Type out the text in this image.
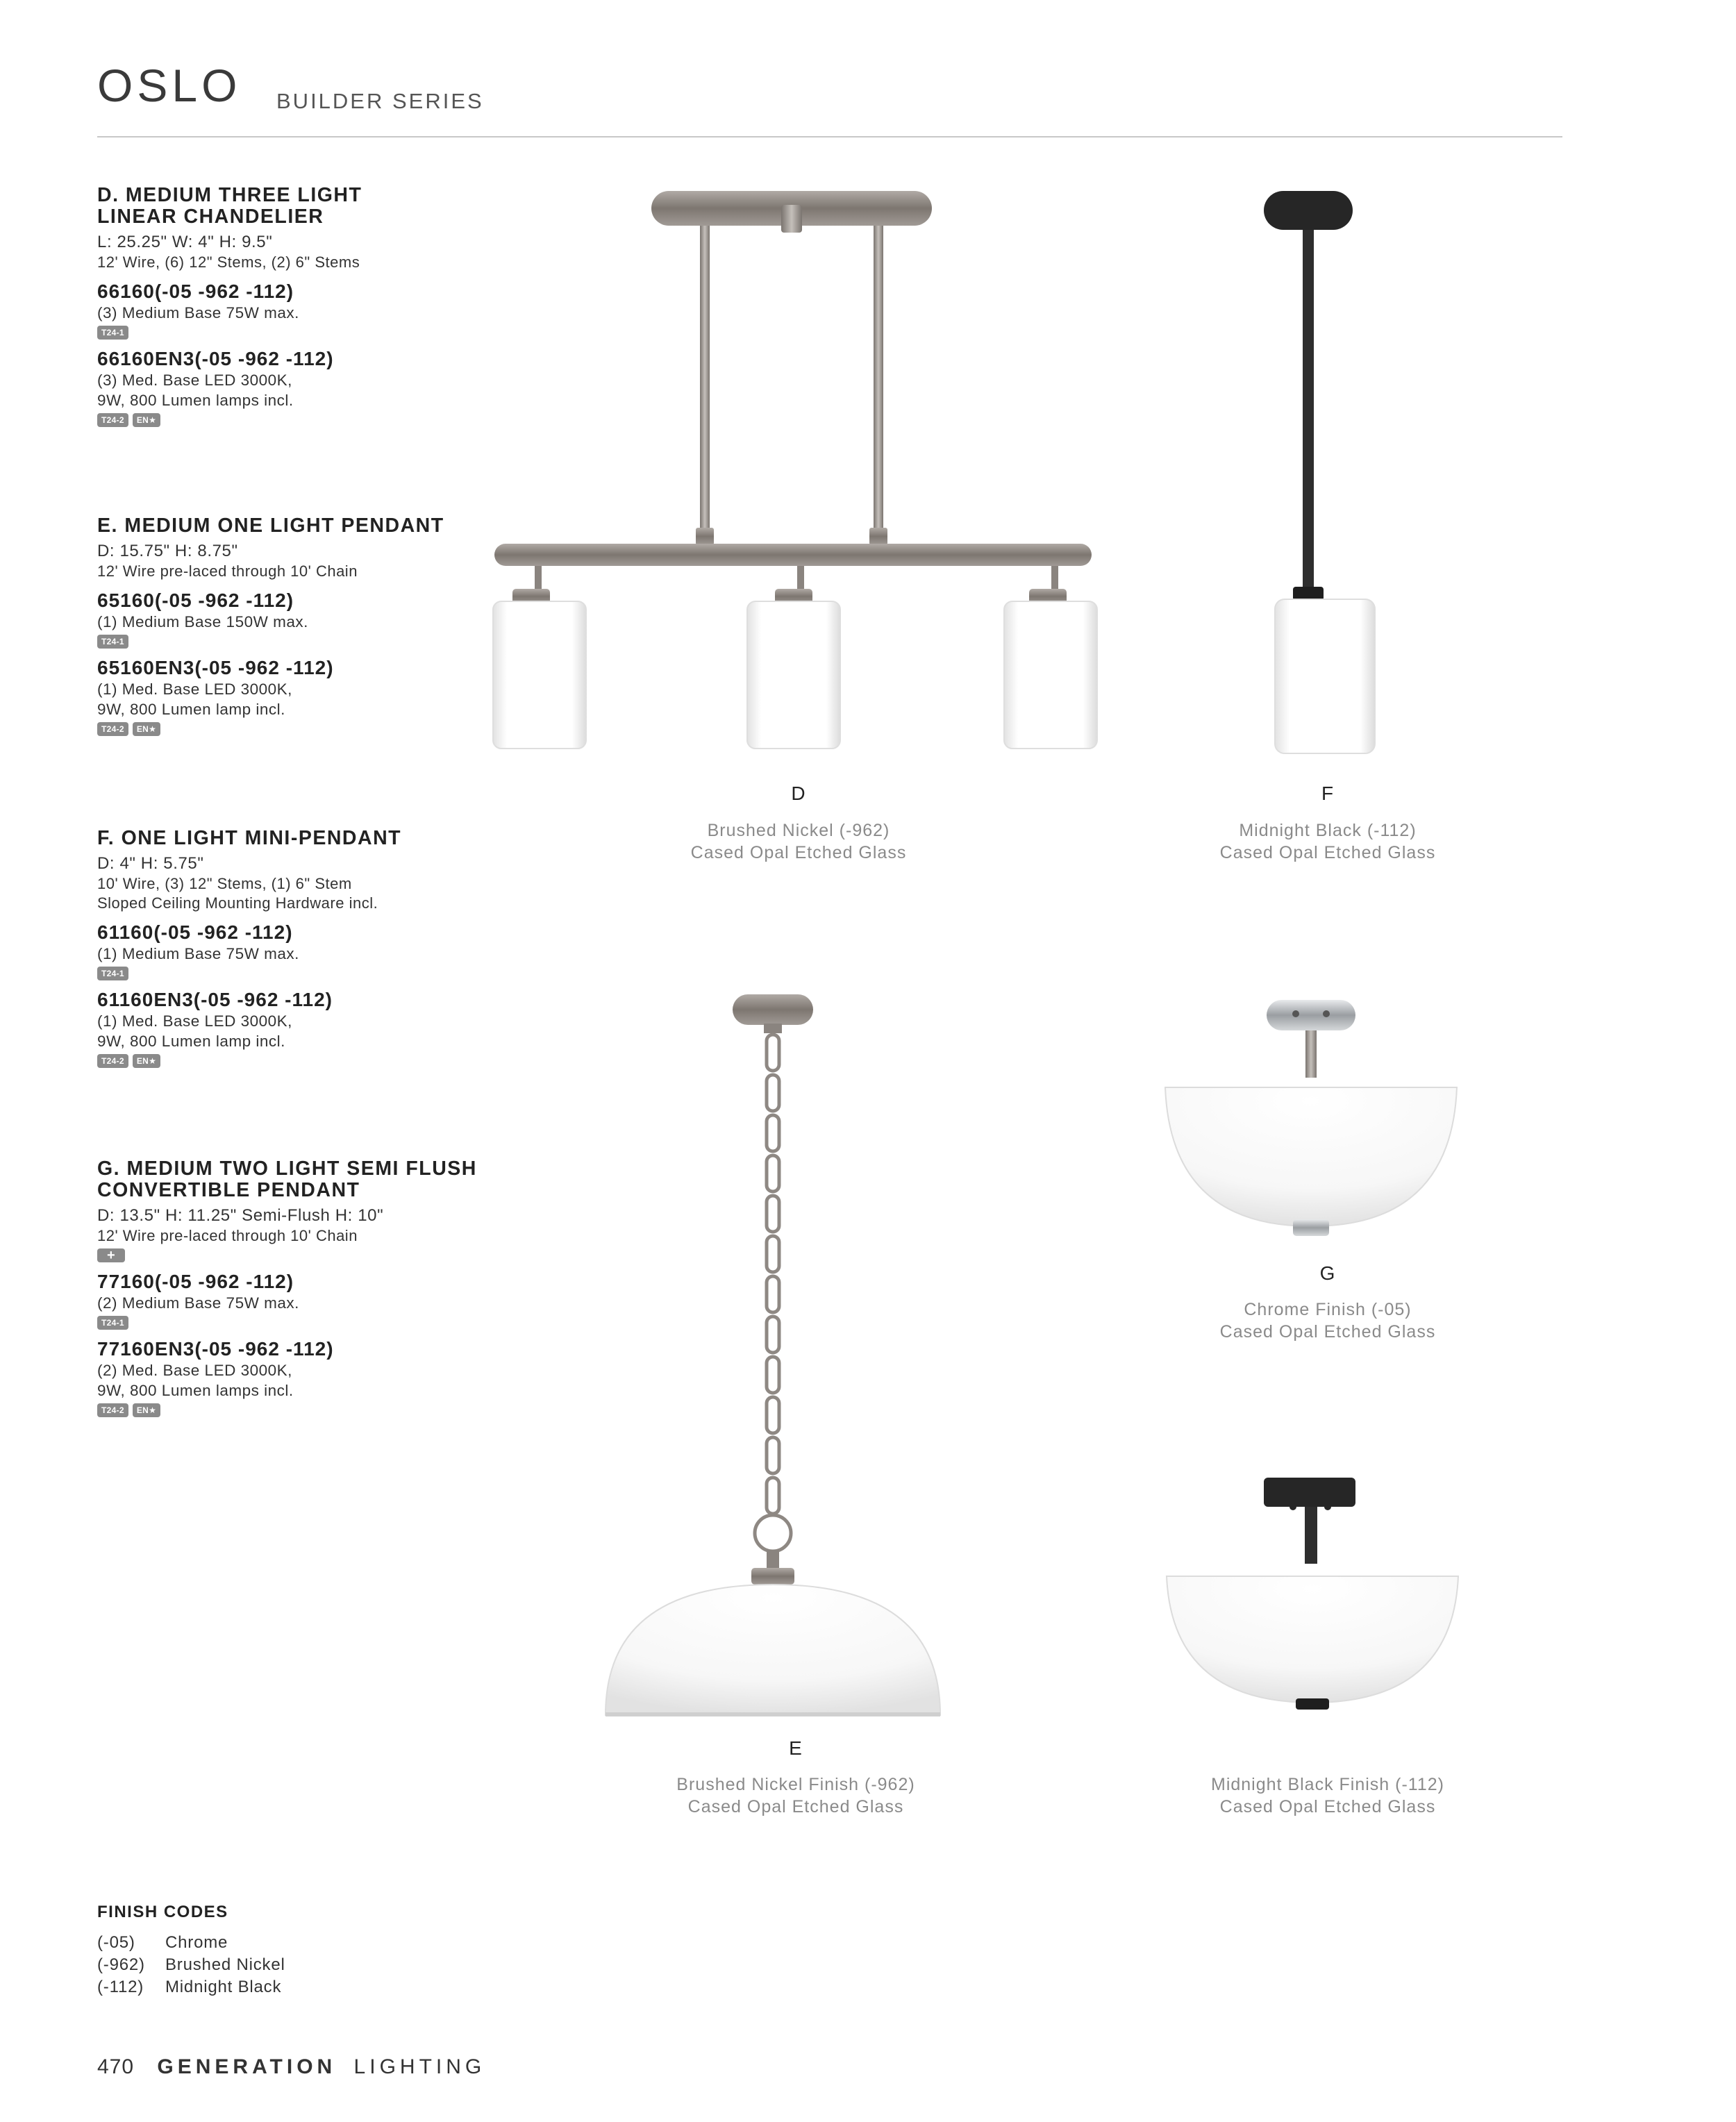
OSLO BUILDER SERIES
D. MEDIUM THREE LIGHT
LINEAR CHANDELIER
L: 25.25" W: 4" H: 9.5"
12' Wire, (6) 12" Stems, (2) 6" Stems
66160(-05 -962 -112)
(3) Medium Base 75W max.
T24-1
66160EN3(-05 -962 -112)
(3) Med. Base LED 3000K,
9W, 800 Lumen lamps incl.
T24-2	EN★
E. MEDIUM ONE LIGHT PENDANT
D: 15.75" H: 8.75"
12' Wire pre-laced through 10' Chain
65160(-05 -962 -112)
(1) Medium Base 150W max.
T24-1
65160EN3(-05 -962 -112)
(1) Med. Base LED 3000K,
9W, 800 Lumen lamp incl.
T24-2	EN★
F. ONE LIGHT MINI-PENDANT
D: 4" H: 5.75"
10' Wire, (3) 12" Stems, (1) 6" Stem
Sloped Ceiling Mounting Hardware incl.
61160(-05 -962 -112)
(1) Medium Base 75W max.
T24-1
61160EN3(-05 -962 -112)
(1) Med. Base LED 3000K,
9W, 800 Lumen lamp incl.
T24-2	EN★
G. MEDIUM TWO LIGHT SEMI FLUSH
CONVERTIBLE PENDANT
D: 13.5" H: 11.25" Semi-Flush H: 10"
12' Wire pre-laced through 10' Chain
+
77160(-05 -962 -112)
(2) Medium Base 75W max.
T24-1
77160EN3(-05 -962 -112)
(2) Med. Base LED 3000K,
9W, 800 Lumen lamps incl.
T24-2	EN★
D
Brushed Nickel (-962)
Cased Opal Etched Glass
F
Midnight Black (-112)
Cased Opal Etched Glass
G
Chrome Finish (-05)
Cased Opal Etched Glass
E
Brushed Nickel Finish (-962)
Cased Opal Etched Glass
Midnight Black Finish (-112)
Cased Opal Etched Glass
FINISH CODES
(-05)	Chrome
(-962)	Brushed Nickel
(-112)	Midnight Black
470 GENERATION LIGHTING
